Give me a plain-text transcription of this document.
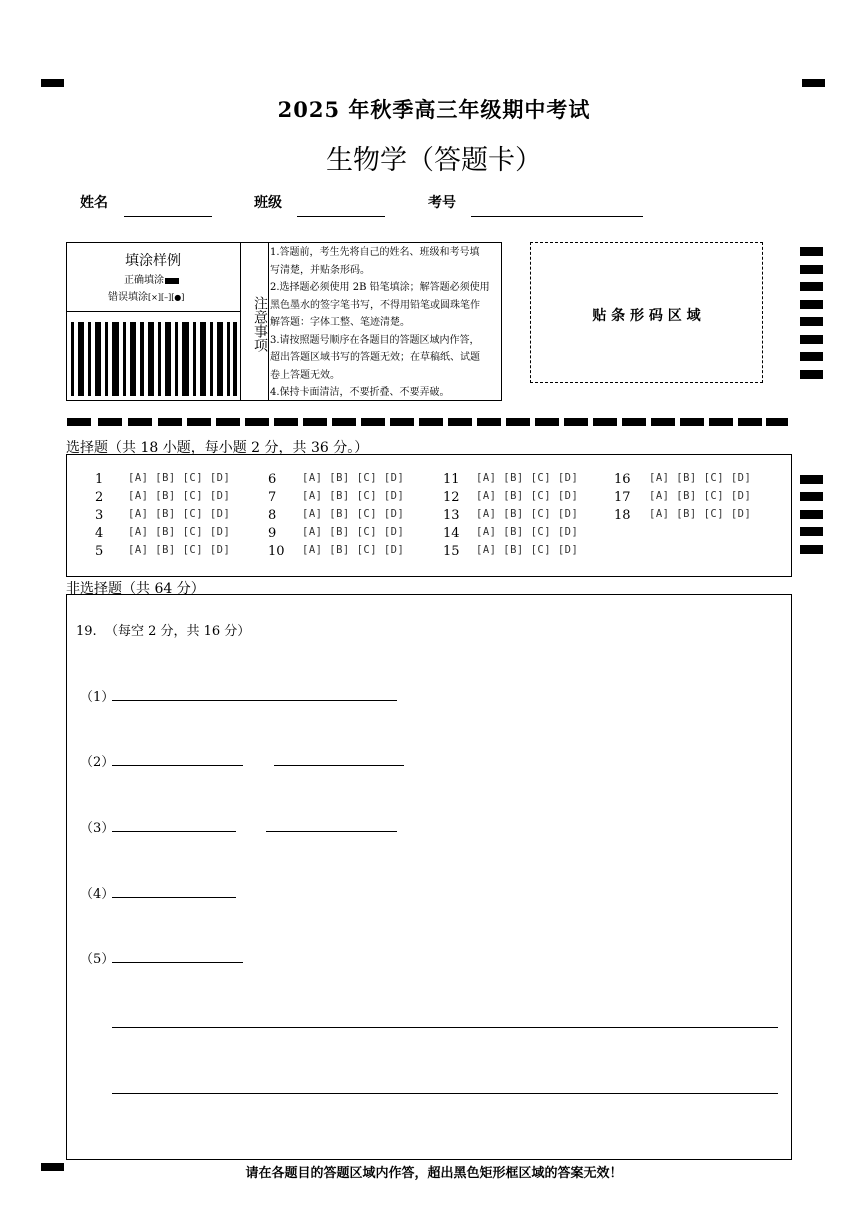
2025 年秋季高三年级期中考试
生物学（答题卡）
姓名	班级	考号
填涂样例
正确填涂
错误填涂[×][–][●]	注意事项
1.答题前，考生先将自己的姓名、班级和考号填
写清楚，并贴条形码。
2.选择题必须使用 2B 铅笔填涂；解答题必须使用
黑色墨水的签字笔书写，不得用铅笔或圆珠笔作
解答题：字体工整、笔迹清楚。
3.请按照题号顺序在各题目的答题区域内作答，
超出答题区域书写的答题无效；在草稿纸、试题
卷上答题无效。
4.保持卡面清洁，不要折叠、不要弄破。
贴 条 形 码 区 域
选择题（共 18 小题，每小题 2 分，共 36 分。）
1 [A] [B] [C] [D]
2 [A] [B] [C] [D]
3 [A] [B] [C] [D]
4 [A] [B] [C] [D]
5 [A] [B] [C] [D]
6 [A] [B] [C] [D]
7 [A] [B] [C] [D]
8 [A] [B] [C] [D]
9 [A] [B] [C] [D]
10 [A] [B] [C] [D]
11 [A] [B] [C] [D]
12 [A] [B] [C] [D]
13 [A] [B] [C] [D]
14 [A] [B] [C] [D]
15 [A] [B] [C] [D]
16 [A] [B] [C] [D]
17 [A] [B] [C] [D]
18 [A] [B] [C] [D]
非选择题（共 64 分）
19.  （每空 2 分，共 16 分）
（1）
（2）
（3）
（4）
（5）
请在各题目的答题区域内作答，超出黑色矩形框区域的答案无效！
